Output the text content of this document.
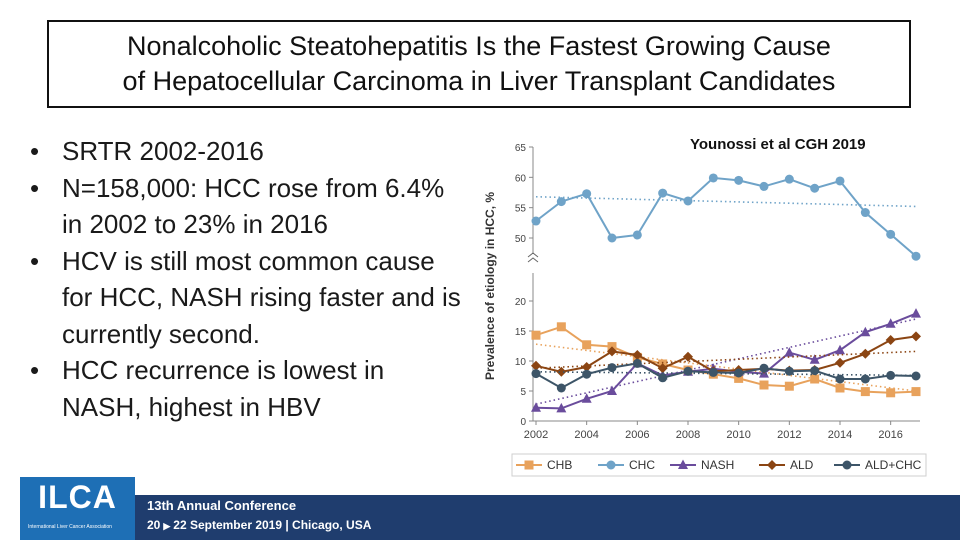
Nonalcoholic Steatohepatitis Is the Fastest Growing Cause
of Hepatocellular Carcinoma in Liver Transplant Candidates
• SRTR 2002-2016
• N=158,000: HCC rose from 6.4% in 2002 to 23% in 2016
• HCV is still most common cause for HCC, NASH rising faster and is currently second.
• HCC recurrence is lowest in NASH, highest in HBV
Younossi et al CGH 2019
50
55
60
65
0
5
10
15
20
2002 2004 2006 2008 2010 2012 2014 2016
Prevalence of etiology in HCC, %
CHB	CHC	NASH	ALD	ALD+CHC
ILCA
International Liver Cancer Association
13th Annual Conference
20 ▶ 22 September 2019 | Chicago, USA
